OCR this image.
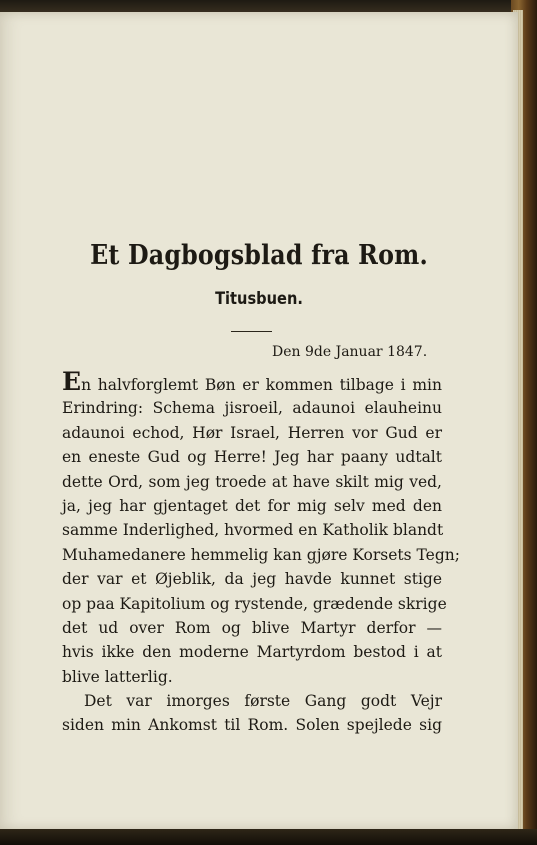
Et Dagbogsblad fra Rom.
Titusbuen.
Den 9de Januar 1847.
En halvforglemt Bøn er kommen tilbage i min
Erindring: Schema jisroeil, adaunoi elauheinu
adaunoi echod, Hør Israel, Herren vor Gud er
en eneste Gud og Herre! Jeg har paany udtalt
dette Ord, som jeg troede at have skilt mig ved,
ja, jeg har gjentaget det for mig selv med den
samme Inderlighed, hvormed en Katholik blandt
Muhamedanere hemmelig kan gjøre Korsets Tegn;
der var et Øjeblik, da jeg havde kunnet stige
op paa Kapitolium og rystende, grædende skrige
det ud over Rom og blive Martyr derfor —
hvis ikke den moderne Martyrdom bestod i at
blive latterlig.
Det var imorges første Gang godt Vejr
siden min Ankomst til Rom. Solen spejlede sig
